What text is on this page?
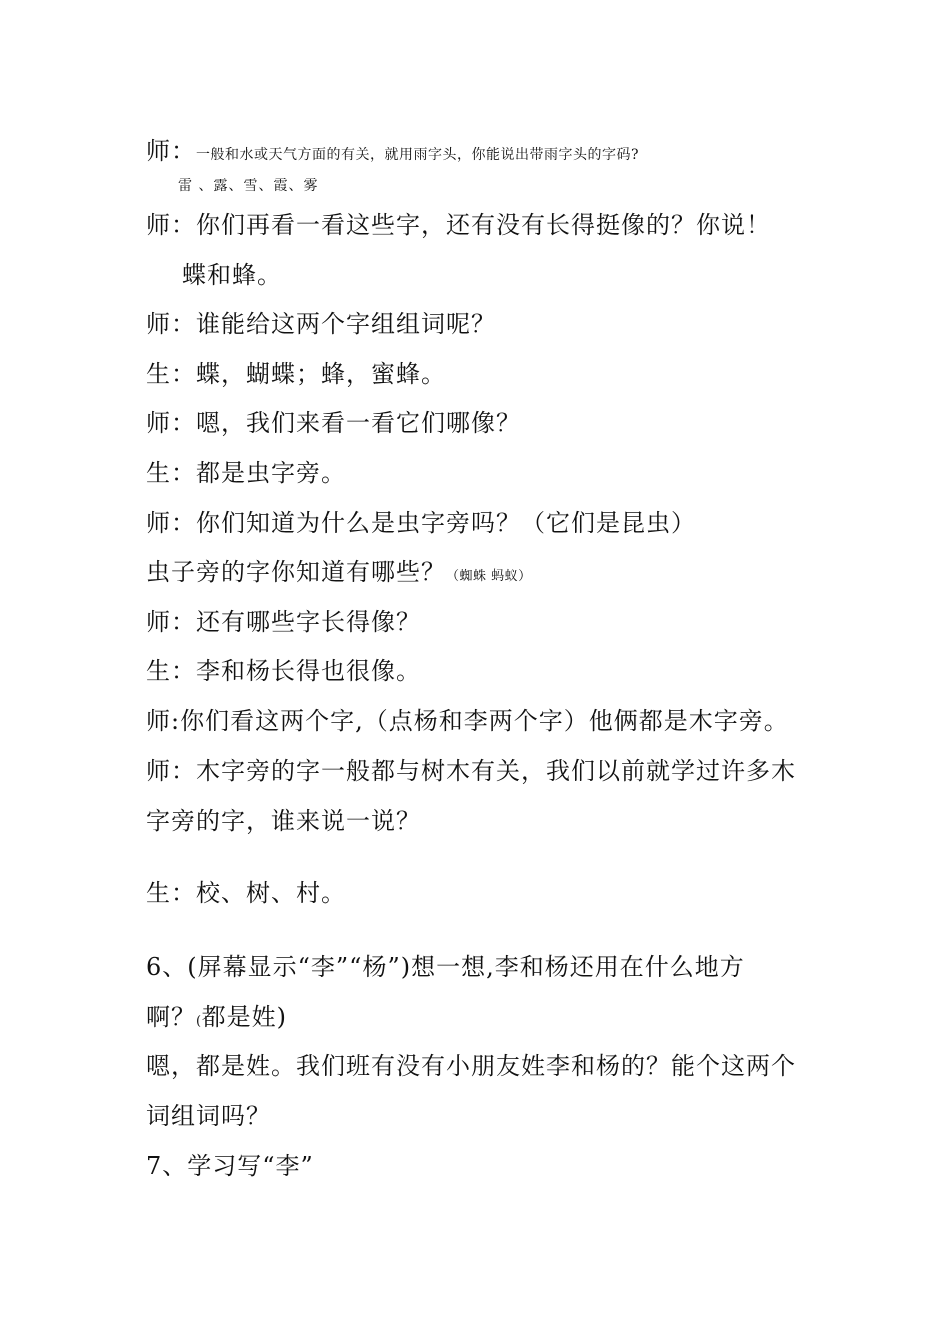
师：一般和水或天气方面的有关，就用雨字头，你能说出带雨字头的字码?
雷 、露、雪、霞、雾
师：你们再看一看这些字，还有没有长得挺像的？你说！
蝶和蜂。
师：谁能给这两个字组组词呢？
生：蝶，蝴蝶；蜂，蜜蜂。
师：嗯，我们来看一看它们哪像？
生：都是虫字旁。
师：你们知道为什么是虫字旁吗？（它们是昆虫）
虫子旁的字你知道有哪些？（蜘蛛 蚂蚁）
师：还有哪些字长得像？
生：李和杨长得也很像。
师:你们看这两个字,（点杨和李两个字）他俩都是木字旁。
师：木字旁的字一般都与树木有关，我们以前就学过许多木
字旁的字，谁来说一说？
生：校、树、村。
6、(屏幕显示“李”“杨”)想一想,李和杨还用在什么地方
啊？(都是姓)
嗯，都是姓。我们班有没有小朋友姓李和杨的？能个这两个
词组词吗？
7、学习写“李”
